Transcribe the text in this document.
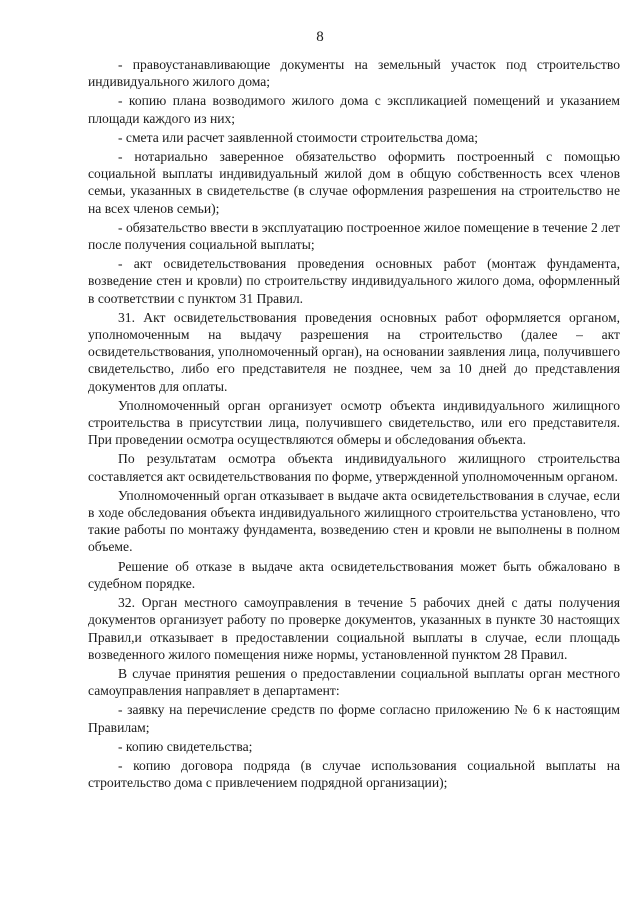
8

- правоустанавливающие документы на земельный участок под строительство индивидуального жилого дома;

- копию плана возводимого жилого дома с экспликацией помещений и указанием площади каждого из них;

- смета или расчет заявленной стоимости строительства дома;

- нотариально заверенное обязательство оформить построенный с помощью социальной выплаты индивидуальный жилой дом в общую собственность всех членов семьи, указанных в свидетельстве (в случае оформления разрешения на строительство не на всех членов семьи);

- обязательство ввести в эксплуатацию построенное жилое помещение в течение 2 лет после получения социальной выплаты;

- акт освидетельствования проведения основных работ (монтаж фундамента, возведение стен и кровли) по строительству индивидуального жилого дома, оформленный в соответствии с пунктом 31 Правил.

31. Акт освидетельствования проведения основных работ оформляется органом, уполномоченным на выдачу разрешения на строительство (далее – акт освидетельствования, уполномоченный орган), на основании заявления лица, получившего свидетельство, либо его представителя не позднее, чем за 10 дней до представления документов для оплаты.

Уполномоченный орган организует осмотр объекта индивидуального жилищного строительства в присутствии лица, получившего свидетельство, или его представителя. При проведении осмотра осуществляются обмеры и обследования объекта.

По результатам осмотра объекта индивидуального жилищного строительства составляется акт освидетельствования по форме, утвержденной уполномоченным органом.

Уполномоченный орган отказывает в выдаче акта освидетельствования в случае, если в ходе обследования объекта индивидуального жилищного строительства установлено, что такие работы по монтажу фундамента, возведению стен и кровли не выполнены в полном объеме.

Решение об отказе в выдаче акта освидетельствования может быть обжаловано в судебном порядке.

32. Орган местного самоуправления в течение 5 рабочих дней с даты получения документов организует работу по проверке документов, указанных в пункте 30 настоящих Правил,и отказывает в предоставлении социальной выплаты в случае, если площадь возведенного жилого помещения ниже нормы, установленной пунктом 28 Правил.

В случае принятия решения о предоставлении социальной выплаты орган местного самоуправления направляет в департамент:

- заявку на перечисление средств по форме согласно приложению № 6 к настоящим Правилам;

- копию свидетельства;

- копию договора подряда (в случае использования социальной выплаты на строительство дома с привлечением подрядной организации);
